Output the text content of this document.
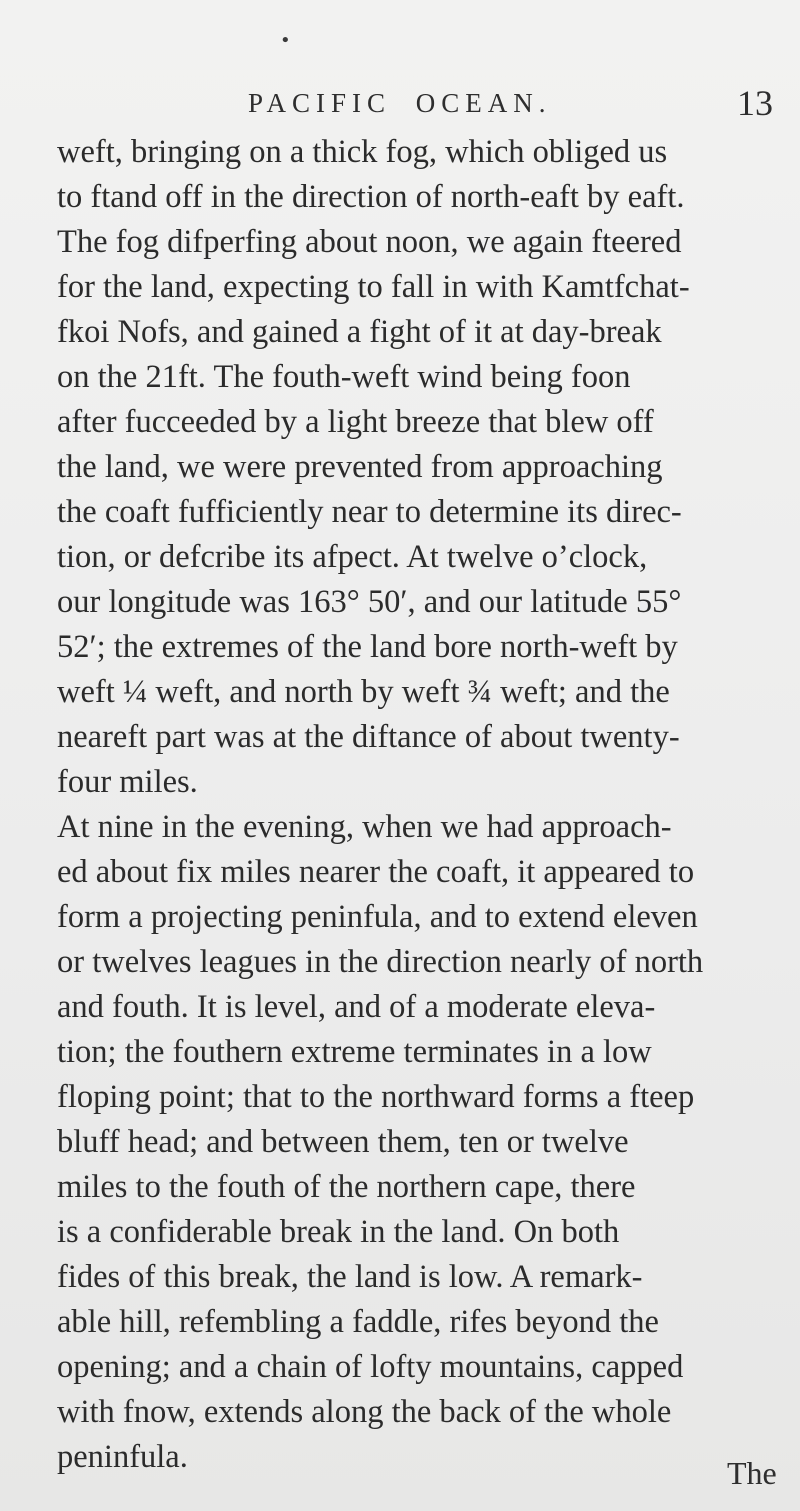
•
PACIFIC OCEAN.	13
weft, bringing on a thick fog, which obliged us
to ftand off in the direction of north-eaft by eaft.
The fog difperfing about noon, we again fteered
for the land, expecting to fall in with Kamtfchat-
fkoi Nofs, and gained a fight of it at day-break
on the 21ft. The fouth-weft wind being foon
after fucceeded by a light breeze that blew off
the land, we were prevented from approaching
the coaft fufficiently near to determine its direc-
tion, or defcribe its afpect. At twelve o’clock,
our longitude was 163° 50′, and our latitude 55°
52′; the extremes of the land bore north-weft by
weft ¼ weft, and north by weft ¾ weft; and the
neareft part was at the diftance of about twenty-
four miles.
At nine in the evening, when we had approach-
ed about fix miles nearer the coaft, it appeared to
form a projecting peninfula, and to extend eleven
or twelves leagues in the direction nearly of north
and fouth. It is level, and of a moderate eleva-
tion; the fouthern extreme terminates in a low
floping point; that to the northward forms a fteep
bluff head; and between them, ten or twelve
miles to the fouth of the northern cape, there
is a confiderable break in the land. On both
fides of this break, the land is low. A remark-
able hill, refembling a faddle, rifes beyond the
opening; and a chain of lofty mountains, capped
with fnow, extends along the back of the whole
peninfula.	The
